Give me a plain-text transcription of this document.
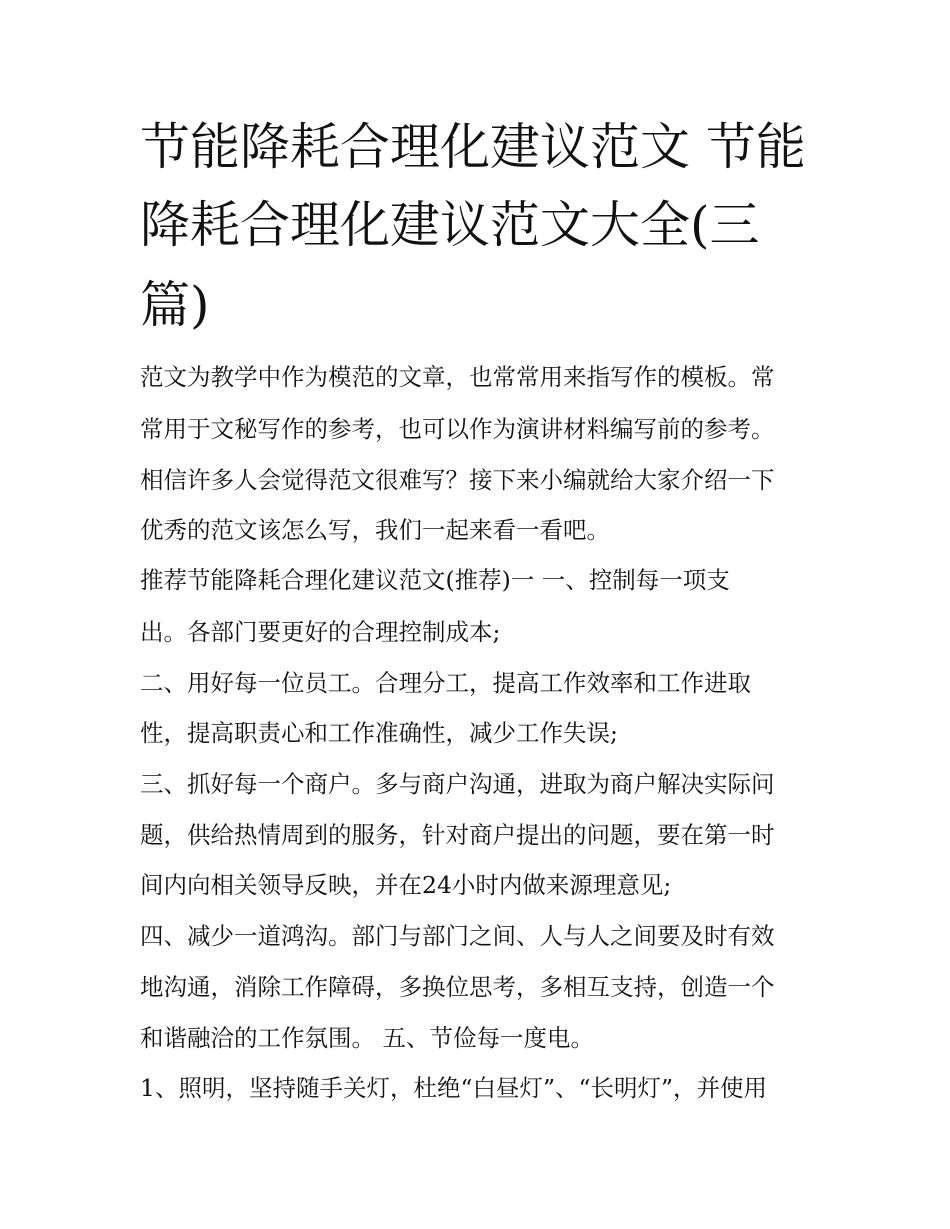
节能降耗合理化建议范文 节能
降耗合理化建议范文大全(三
篇)
范文为教学中作为模范的文章，也常常用来指写作的模板。常
常用于文秘写作的参考，也可以作为演讲材料编写前的参考。
相信许多人会觉得范文很难写？接下来小编就给大家介绍一下
优秀的范文该怎么写，我们一起来看一看吧。
推荐节能降耗合理化建议范文(推荐)一 一、控制每一项支
出。各部门要更好的合理控制成本;
二、用好每一位员工。合理分工，提高工作效率和工作进取
性，提高职责心和工作准确性，减少工作失误;
三、抓好每一个商户。多与商户沟通，进取为商户解决实际问
题，供给热情周到的服务，针对商户提出的问题，要在第一时
间内向相关领导反映，并在24小时内做来源理意见;
四、减少一道鸿沟。部门与部门之间、人与人之间要及时有效
地沟通，消除工作障碍，多换位思考，多相互支持，创造一个
和谐融洽的工作氛围。 五、节俭每一度电。
1、照明，坚持随手关灯，杜绝“白昼灯”、“长明灯”，并使用
